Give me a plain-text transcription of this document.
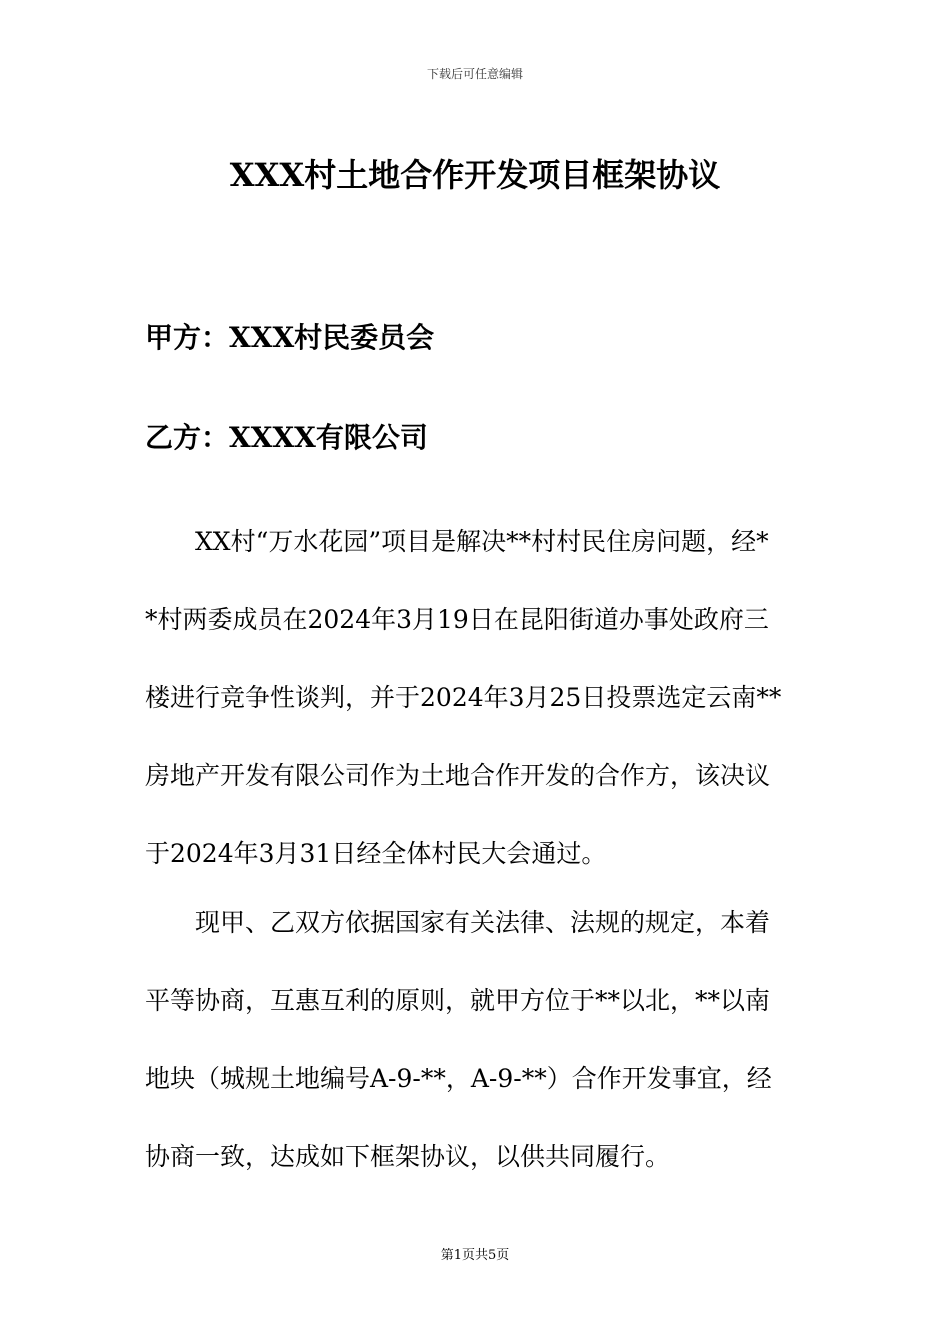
下载后可任意编辑
XXX村土地合作开发项目框架协议

甲方：XXX村民委员会

乙方：XXXX有限公司

XX村“万水花园”项目是解决**村村民住房问题，经*
*村两委成员在2024年3月19日在昆阳街道办事处政府三
楼进行竞争性谈判，并于2024年3月25日投票选定云南**
房地产开发有限公司作为土地合作开发的合作方，该决议
于2024年3月31日经全体村民大会通过。
现甲、乙双方依据国家有关法律、法规的规定，本着
平等协商，互惠互利的原则，就甲方位于**以北，**以南
地块（城规土地编号A-9-**，A-9-**）合作开发事宜，经
协商一致，达成如下框架协议，以供共同履行。
第1页共5页
